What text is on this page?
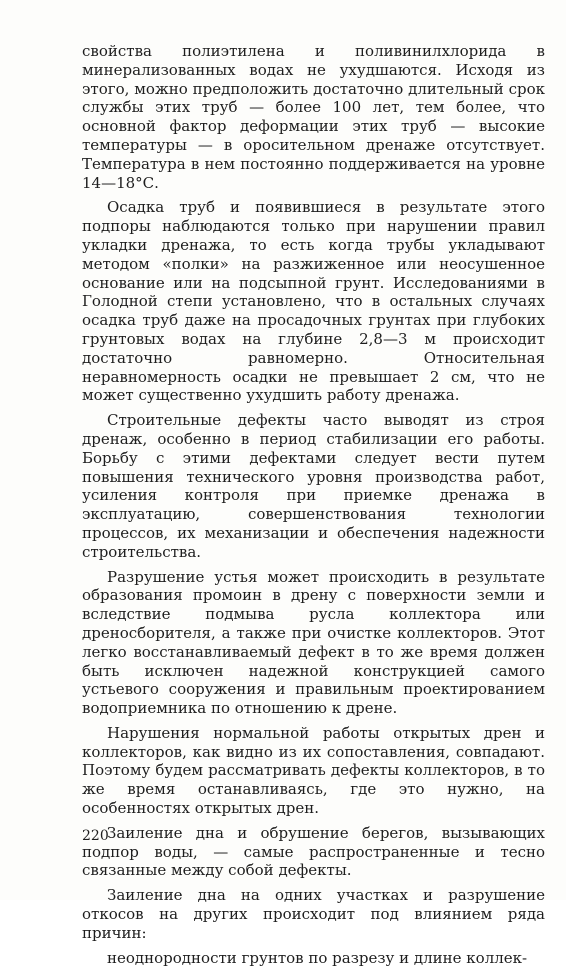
свойства полиэтилена и поливинилхлорида в минерализованных водах не ухудшаются. Исходя из этого, можно предположить достаточно длительный срок службы этих труб — более 100 лет, тем более, что основной фактор деформации этих труб — высокие температуры — в оросительном дренаже отсутствует. Температура в нем постоянно поддерживается на уровне 14—18°С.

Осадка труб и появившиеся в результате этого подпоры наблюдаются только при нарушении правил укладки дренажа, то есть когда трубы укладывают методом «полки» на разжиженное или неосушенное основание или на подсыпной грунт. Исследованиями в Голодной степи установлено, что в остальных случаях осадка труб даже на просадочных грунтах при глубоких грунтовых водах на глубине 2,8—3 м происходит достаточно равномерно. Относительная неравномерность осадки не превышает 2 см, что не может существенно ухудшить работу дренажа.

Строительные дефекты часто выводят из строя дренаж, особенно в период стабилизации его работы. Борьбу с этими дефектами следует вести путем повышения технического уровня производства работ, усиления контроля при приемке дренажа в эксплуатацию, совершенствования технологии процессов, их механизации и обеспечения надежности строительства.

Разрушение устья может происходить в результате образования промоин в дрену с поверхности земли и вследствие подмыва русла коллектора или дреносборителя, а также при очистке коллекторов. Этот легко восстанавливаемый дефект в то же время должен быть исключен надежной конструкцией самого устьевого сооружения и правильным проектированием водоприемника по отношению к дрене.

Нарушения нормальной работы открытых дрен и коллекторов, как видно из их сопоставления, совпадают. Поэтому будем рассматривать дефекты коллекторов, в то же время останавливаясь, где это нужно, на особенностях открытых дрен.

Заиление дна и обрушение берегов, вызывающих подпор воды, — самые распространенные и тесно связанные между собой дефекты.

Заиление дна на одних участках и разрушение откосов на других происходит под влиянием ряда причин:

неоднородности грунтов по разрезу и длине коллек-

220
